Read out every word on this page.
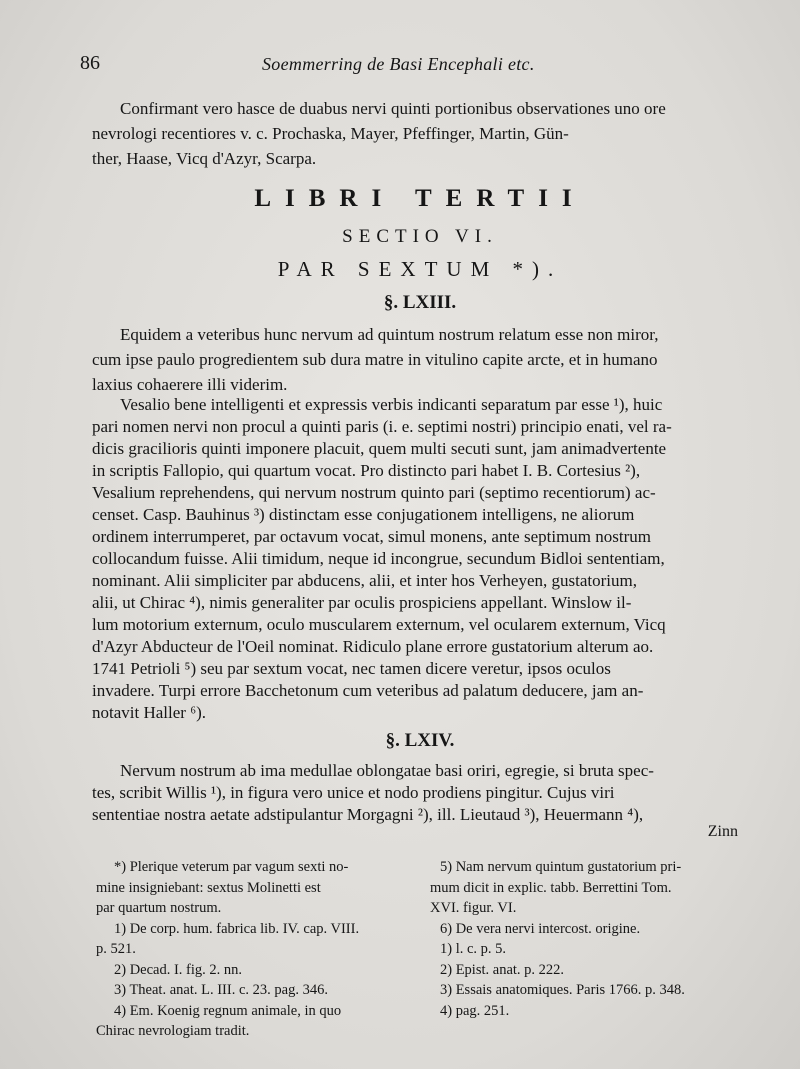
86	Soemmerring de Basi Encephali etc.
Confirmant vero hasce de duabus nervi quinti portionibus observationes uno ore
nevrologi recentiores v. c. Prochaska, Mayer, Pfeffinger, Martin, Gün-
ther, Haase, Vicq d'Azyr, Scarpa.
LIBRI TERTII
SECTIO VI.
PAR SEXTUM *).
§. LXIII.
Equidem a veteribus hunc nervum ad quintum nostrum relatum esse non miror,
cum ipse paulo progredientem sub dura matre in vitulino capite arcte, et in humano
laxius cohaerere illi viderim.
Vesalio bene intelligenti et expressis verbis indicanti separatum par esse ¹), huic
pari nomen nervi non procul a quinti paris (i. e. septimi nostri) principio enati, vel ra-
dicis gracilioris quinti imponere placuit, quem multi secuti sunt, jam animadvertente
in scriptis Fallopio, qui quartum vocat. Pro distincto pari habet I. B. Cortesius ²),
Vesalium reprehendens, qui nervum nostrum quinto pari (septimo recentiorum) ac-
censet. Casp. Bauhinus ³) distinctam esse conjugationem intelligens, ne aliorum
ordinem interrumperet, par octavum vocat, simul monens, ante septimum nostrum
collocandum fuisse. Alii timidum, neque id incongrue, secundum Bidloi sententiam,
nominant. Alii simpliciter par abducens, alii, et inter hos Verheyen, gustatorium,
alii, ut Chirac ⁴), nimis generaliter par oculis prospiciens appellant. Winslow il-
lum motorium externum, oculo muscularem externum, vel ocularem externum, Vicq
d'Azyr Abducteur de l'Oeil nominat. Ridiculo plane errore gustatorium alterum ao.
1741 Petrioli ⁵) seu par sextum vocat, nec tamen dicere veretur, ipsos oculos
invadere. Turpi errore Bacchetonum cum veteribus ad palatum deducere, jam an-
notavit Haller ⁶).
§. LXIV.
Nervum nostrum ab ima medullae oblongatae basi oriri, egregie, si bruta spec-
tes, scribit Willis ¹), in figura vero unice et nodo prodiens pingitur. Cujus viri
sententiae nostra aetate adstipulantur Morgagni ²), ill. Lieutaud ³), Heuermann ⁴),
Zinn
*) Plerique veterum par vagum sexti no-
mine insigniebant: sextus Molinetti est
par quartum nostrum.
1) De corp. hum. fabrica lib. IV. cap. VIII.
p. 521.
2) Decad. I. fig. 2. nn.
3) Theat. anat. L. III. c. 23. pag. 346.
4) Em. Koenig regnum animale, in quo
Chirac nevrologiam tradit.
5) Nam nervum quintum gustatorium pri-
mum dicit in explic. tabb. Berrettini Tom.
XVI. figur. VI.
6) De vera nervi intercost. origine.
1) l. c. p. 5.
2) Epist. anat. p. 222.
3) Essais anatomiques. Paris 1766. p. 348.
4) pag. 251.
